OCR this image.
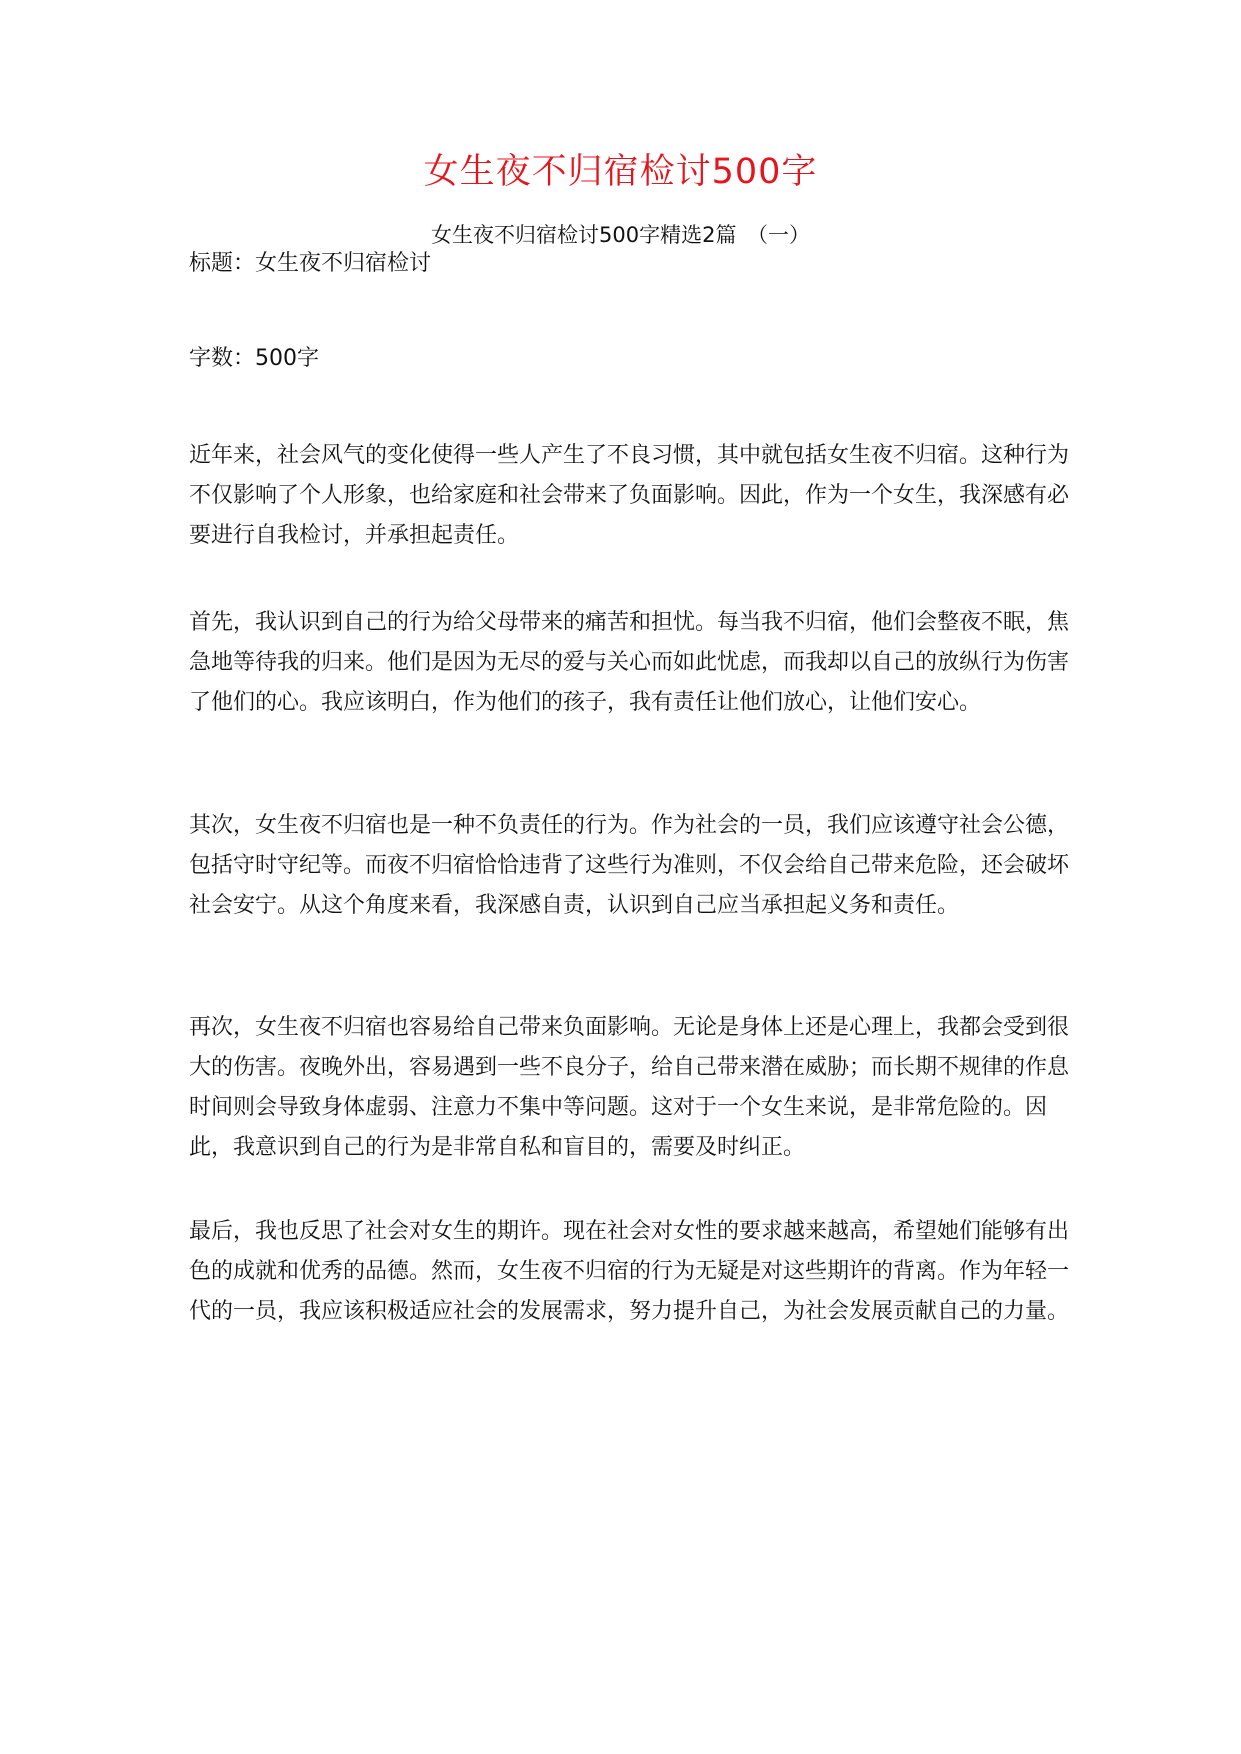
女生夜不归宿检讨500字
女生夜不归宿检讨500字精选2篇　（一）
标题：女生夜不归宿检讨
字数：500字

近年来，社会风气的变化使得一些人产生了不良习惯，其中就包括女生夜不归宿。这种行为不仅影响了个人形象，也给家庭和社会带来了负面影响。因此，作为一个女生，我深感有必要进行自我检讨，并承担起责任。

首先，我认识到自己的行为给父母带来的痛苦和担忧。每当我不归宿，他们会整夜不眠，焦急地等待我的归来。他们是因为无尽的爱与关心而如此忧虑，而我却以自己的放纵行为伤害了他们的心。我应该明白，作为他们的孩子，我有责任让他们放心，让他们安心。

其次，女生夜不归宿也是一种不负责任的行为。作为社会的一员，我们应该遵守社会公德，包括守时守纪等。而夜不归宿恰恰违背了这些行为准则，不仅会给自己带来危险，还会破坏社会安宁。从这个角度来看，我深感自责，认识到自己应当承担起义务和责任。

再次，女生夜不归宿也容易给自己带来负面影响。无论是身体上还是心理上，我都会受到很大的伤害。夜晚外出，容易遇到一些不良分子，给自己带来潜在威胁；而长期不规律的作息时间则会导致身体虚弱、注意力不集中等问题。这对于一个女生来说，是非常危险的。因此，我意识到自己的行为是非常自私和盲目的，需要及时纠正。

最后，我也反思了社会对女生的期许。现在社会对女性的要求越来越高，希望她们能够有出色的成就和优秀的品德。然而，女生夜不归宿的行为无疑是对这些期许的背离。作为年轻一代的一员，我应该积极适应社会的发展需求，努力提升自己，为社会发展贡献自己的力量。
